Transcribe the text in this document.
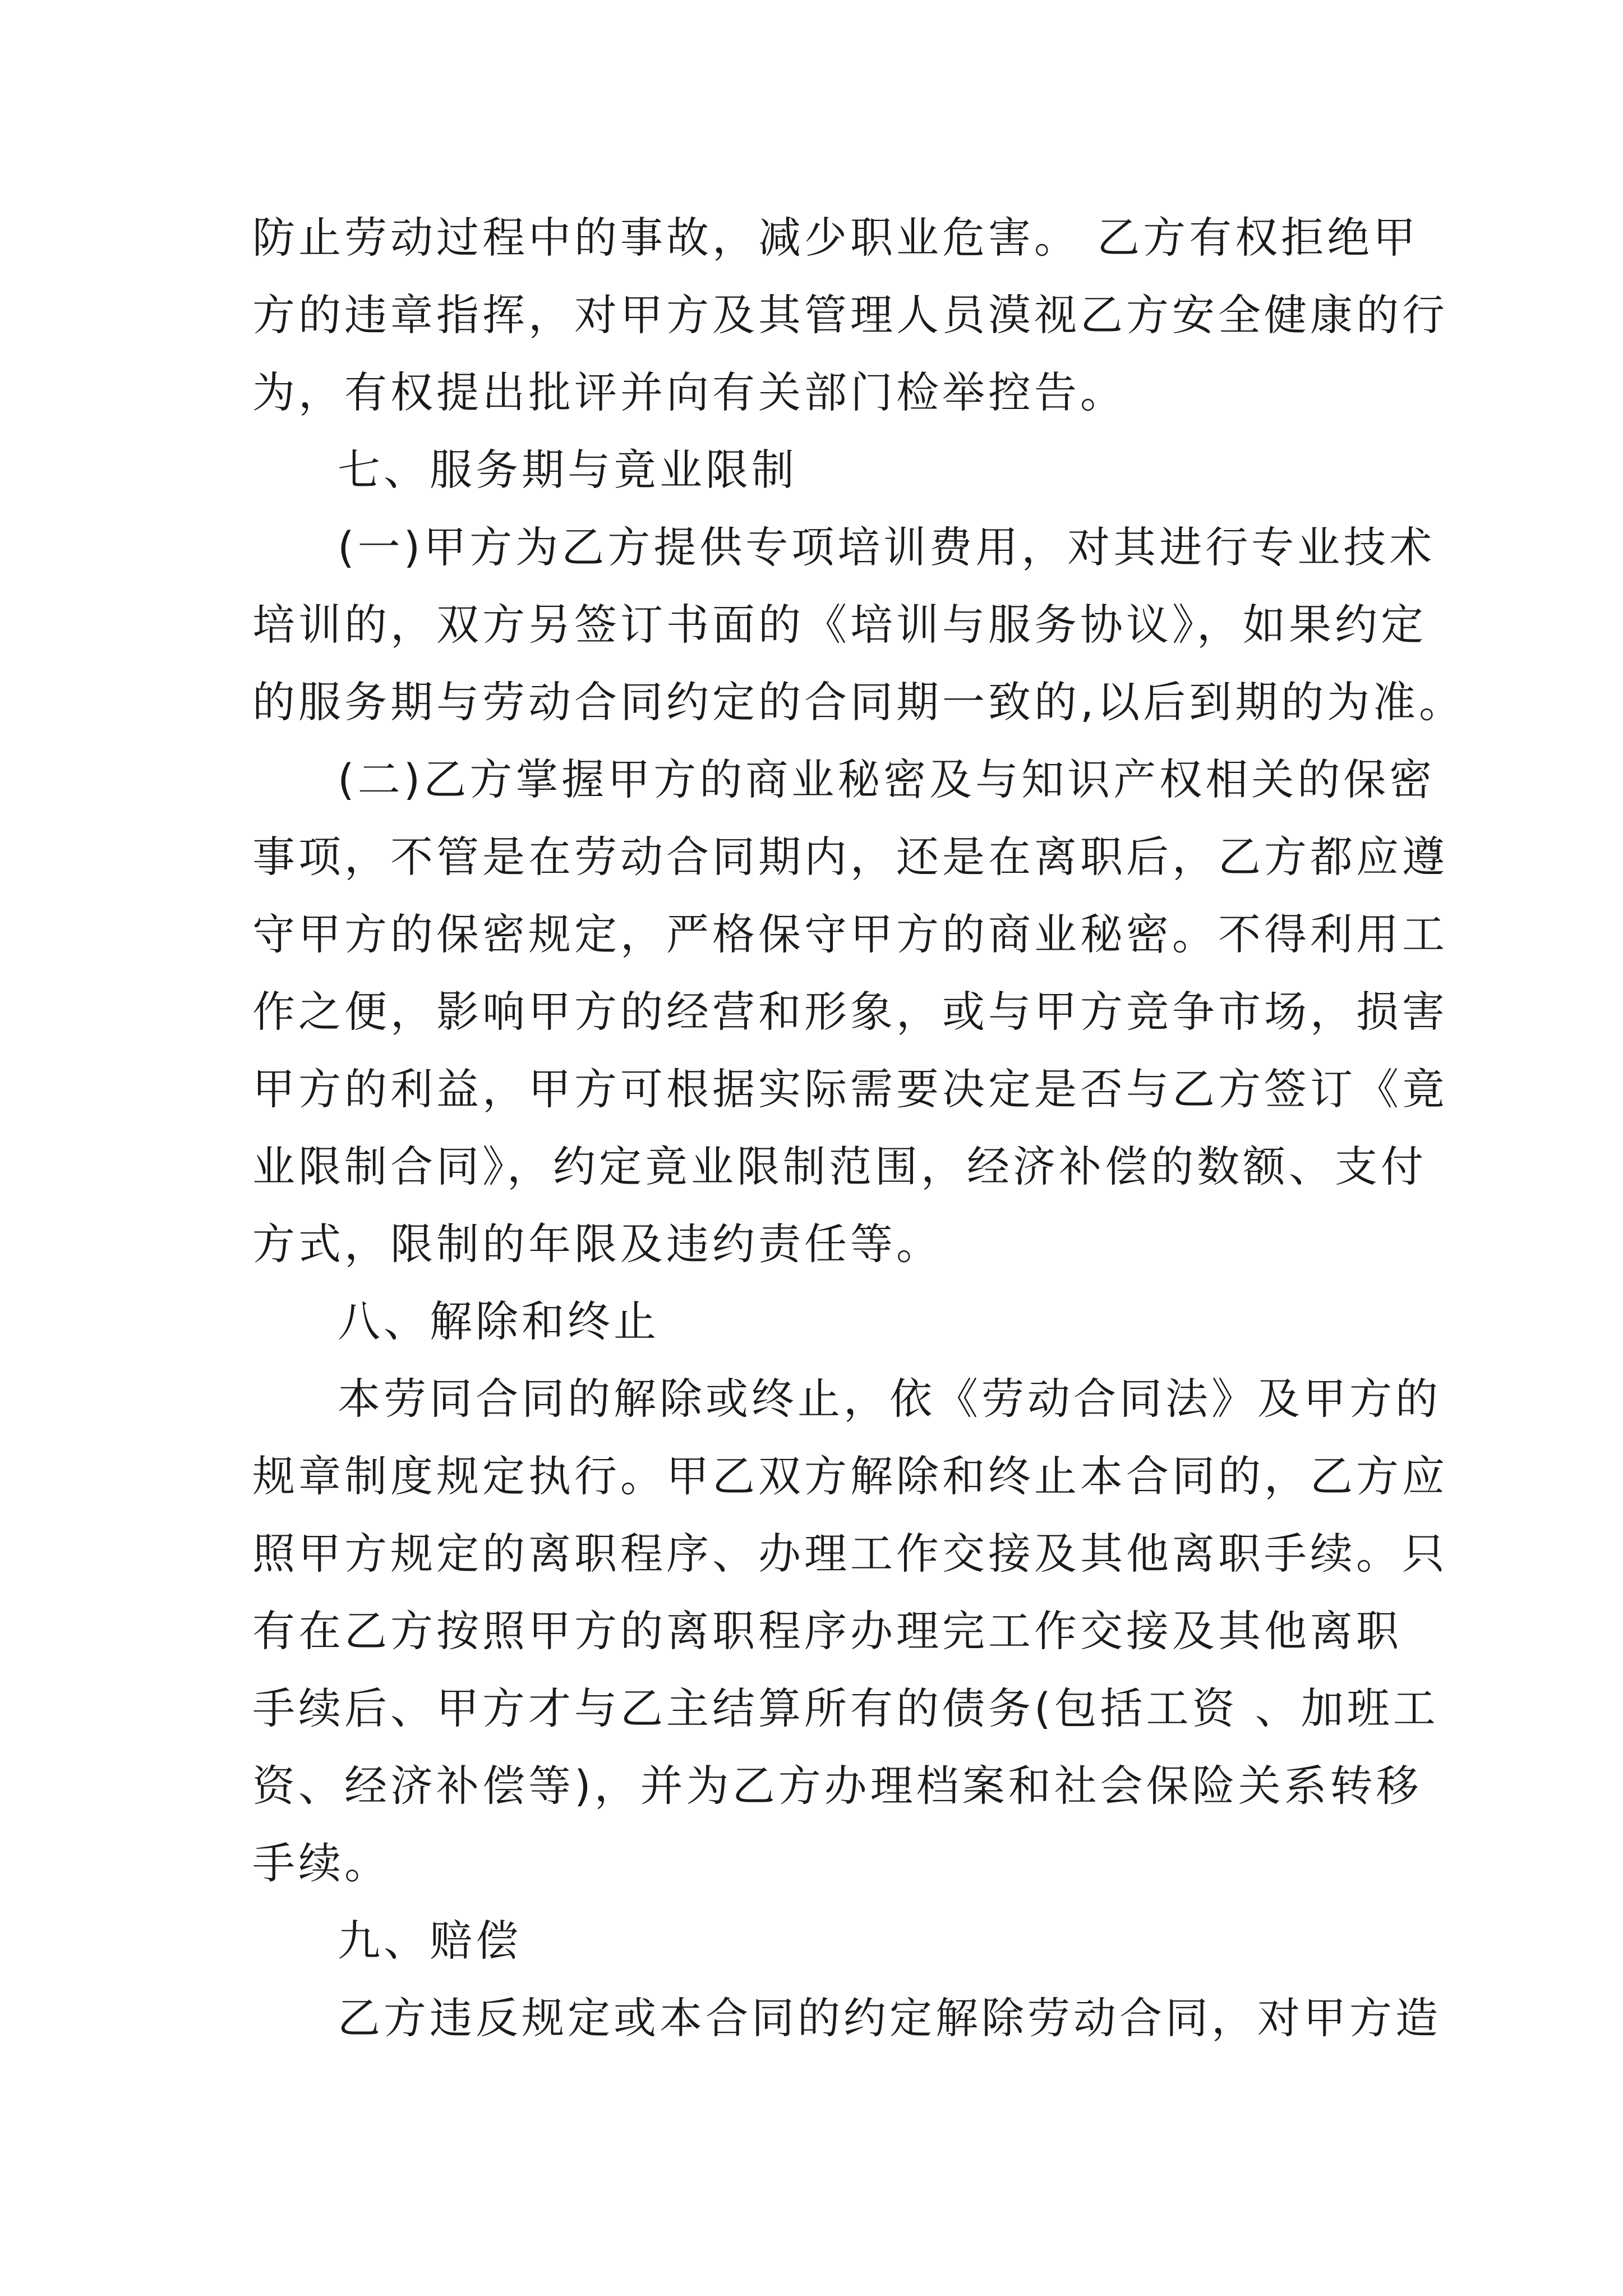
防止劳动过程中的事故，减少职业危害。 乙方有权拒绝甲
方的违章指挥，对甲方及其管理人员漠视乙方安全健康的行
为，有权提出批评并向有关部门检举控告。
七、服务期与竟业限制
(一)甲方为乙方提供专项培训费用，对其进行专业技术
培训的，双方另签订书面的《培训与服务协议》，如果约定
的服务期与劳动合同约定的合同期一致的,以后到期的为准。
(二)乙方掌握甲方的商业秘密及与知识产权相关的保密
事项，不管是在劳动合同期内，还是在离职后，乙方都应遵
守甲方的保密规定，严格保守甲方的商业秘密。不得利用工
作之便，影响甲方的经营和形象，或与甲方竞争市场，损害
甲方的利益，甲方可根据实际需要决定是否与乙方签订《竟
业限制合同》，约定竟业限制范围，经济补偿的数额、支付
方式，限制的年限及违约责任等。
八、解除和终止
本劳同合同的解除或终止，依《劳动合同法》及甲方的
规章制度规定执行。甲乙双方解除和终止本合同的，乙方应
照甲方规定的离职程序、办理工作交接及其他离职手续。只
有在乙方按照甲方的离职程序办理完工作交接及其他离职
手续后、甲方才与乙主结算所有的债务(包括工资 、加班工
资、经济补偿等)，并为乙方办理档案和社会保险关系转移
手续。
九、赔偿
乙方违反规定或本合同的约定解除劳动合同，对甲方造
